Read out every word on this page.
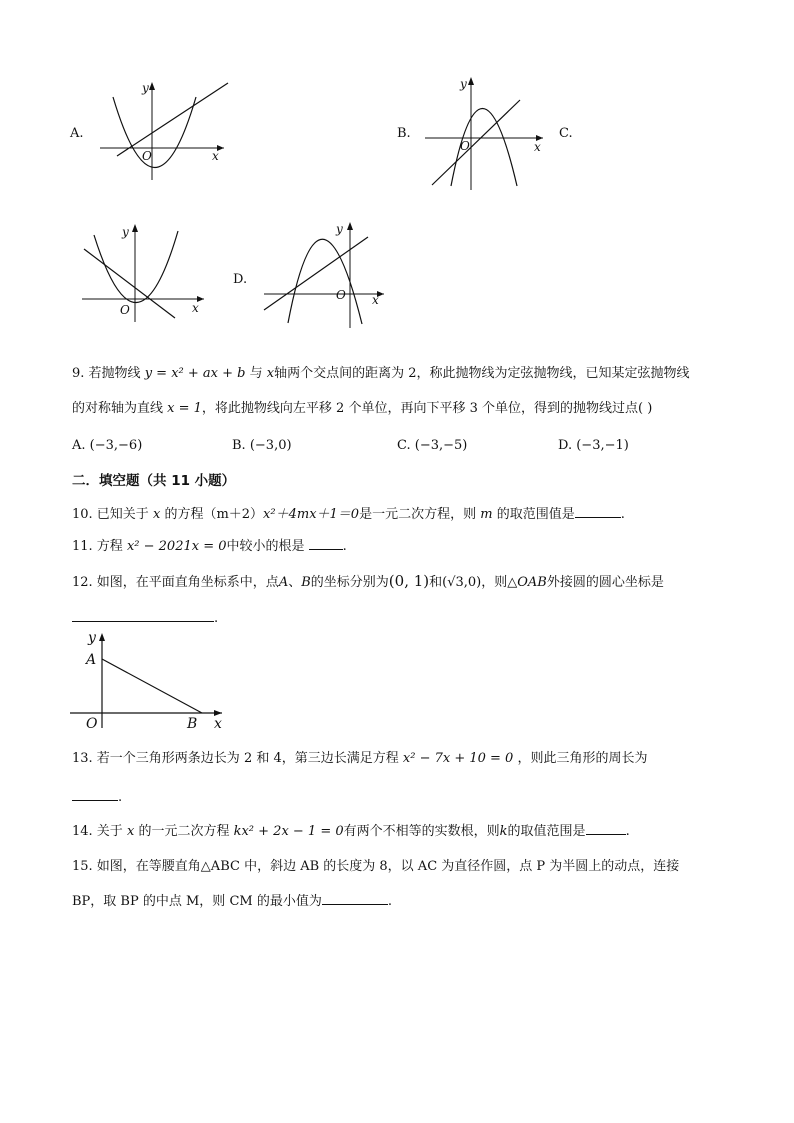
A.
y
O	x
B.
y
O	x
C.
y
O	x
D.
y
O x
9. 若抛物线 y = x² + ax + b 与 x轴两个交点间的距离为 2，称此抛物线为定弦抛物线，已知某定弦抛物线
的对称轴为直线 x = 1，将此抛物线向左平移 2 个单位，再向下平移 3 个单位，得到的抛物线过点( )
A. (−3,−6)	B. (−3,0)	C. (−3,−5)	D. (−3,−1)
二．填空题（共 11 小题）
10. 已知关于 x 的方程（m＋2）x²＋4mx＋1＝0是一元二次方程，则 m 的取范围值是	.
11. 方程 x² − 2021x = 0中较小的根是	.
12. 如图，在平面直角坐标系中，点A、B的坐标分别为(0, 1)和(√3,0)，则△OAB外接圆的圆心坐标是
.
y
A
O	B x
13. 若一个三角形两条边长为 2 和 4，第三边长满足方程 x² − 7x + 10 = 0 ，则此三角形的周长为
.
14. 关于 x 的一元二次方程 kx² + 2x − 1 = 0有两个不相等的实数根，则k的取值范围是	.
15. 如图，在等腰直角△ABC 中，斜边 AB 的长度为 8，以 AC 为直径作圆，点 P 为半圆上的动点，连接
BP，取 BP 的中点 M，则 CM 的最小值为	.
